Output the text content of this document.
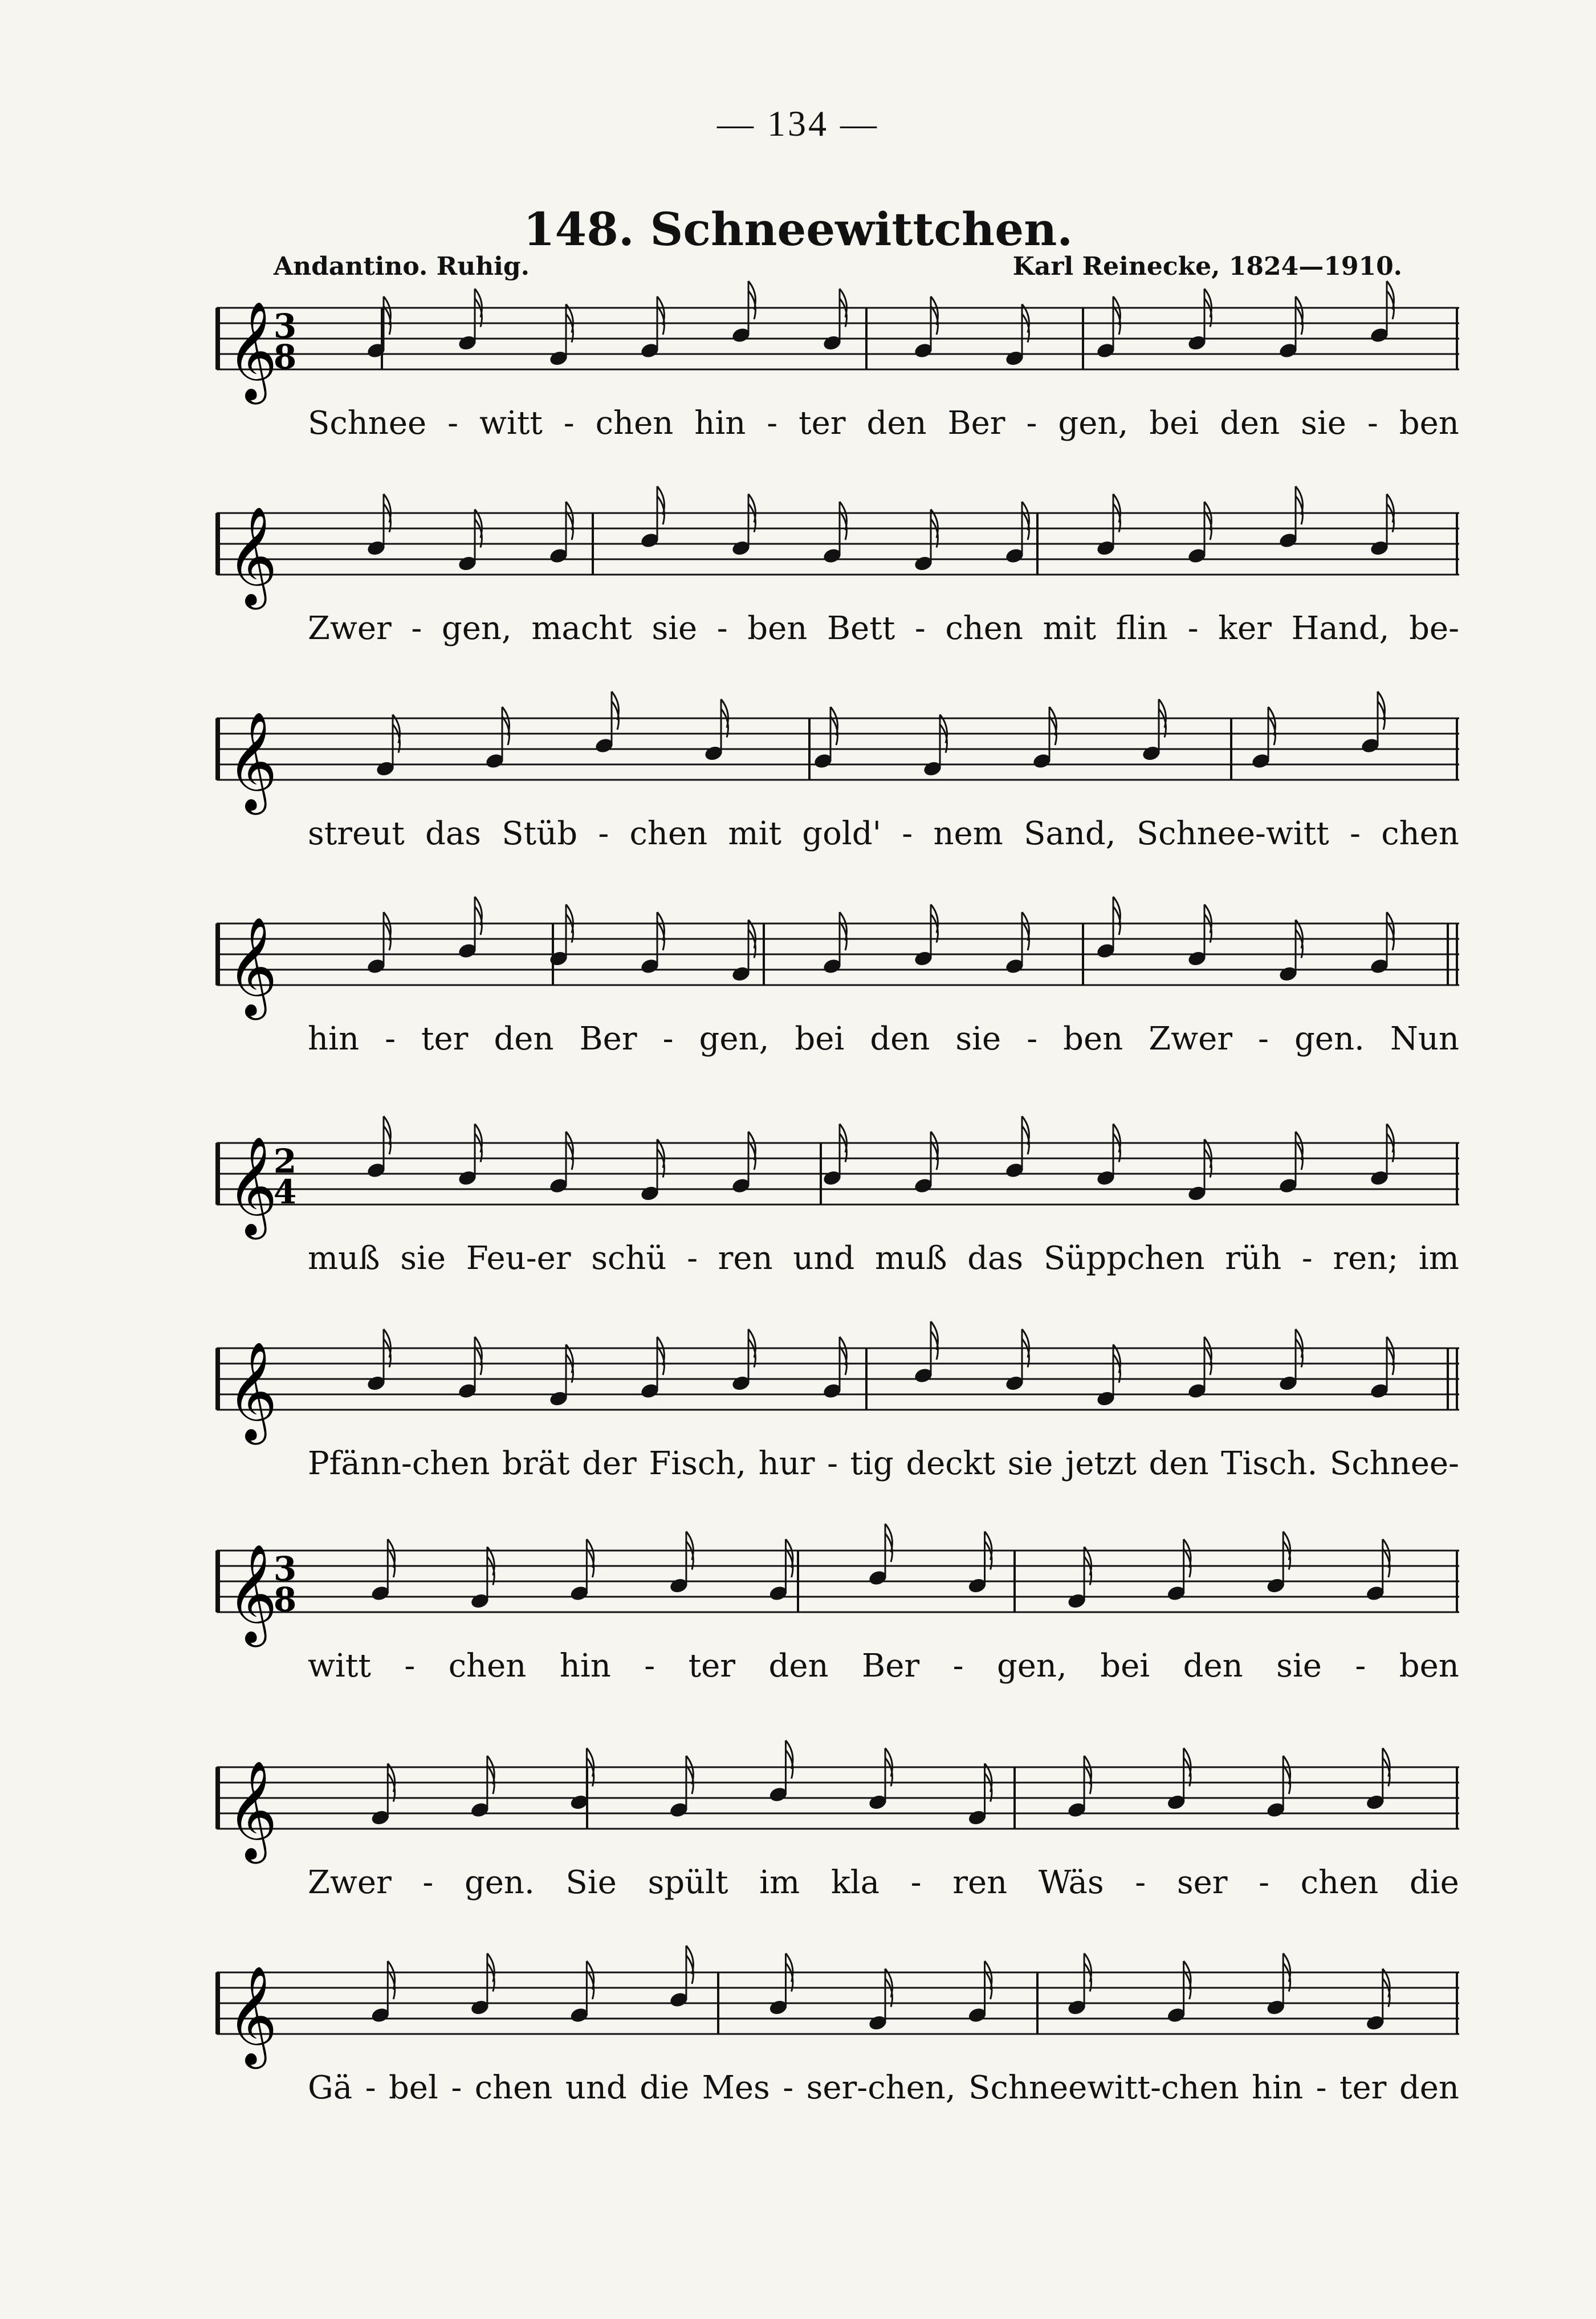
— 134 —
148. Schneewittchen.
Andantino. Ruhig.	Karl Reinecke, 1824—1910.
𝄞
3
8
Schnee - witt - chen hin - ter den Ber - gen, bei den sie - ben
𝄞
Zwer - gen, macht sie - ben Bett - chen mit flin - ker Hand, be-
𝄞
streut das Stüb - chen mit gold' - nem Sand, Schnee-witt - chen
𝄞
hin - ter den Ber - gen, bei den sie - ben Zwer - gen. Nun
𝄞
2
4
muß sie Feu-er schü - ren und muß das Süppchen rüh - ren; im
𝄞
Pfänn-chen brät der Fisch, hur - tig deckt sie jetzt den Tisch. Schnee-
𝄞
3
8
witt - chen hin - ter den Ber - gen, bei den sie - ben
𝄞
Zwer - gen. Sie spült im kla - ren Wäs - ser - chen die
𝄞
Gä - bel - chen und die Mes - ser-chen, Schneewitt-chen hin - ter den
